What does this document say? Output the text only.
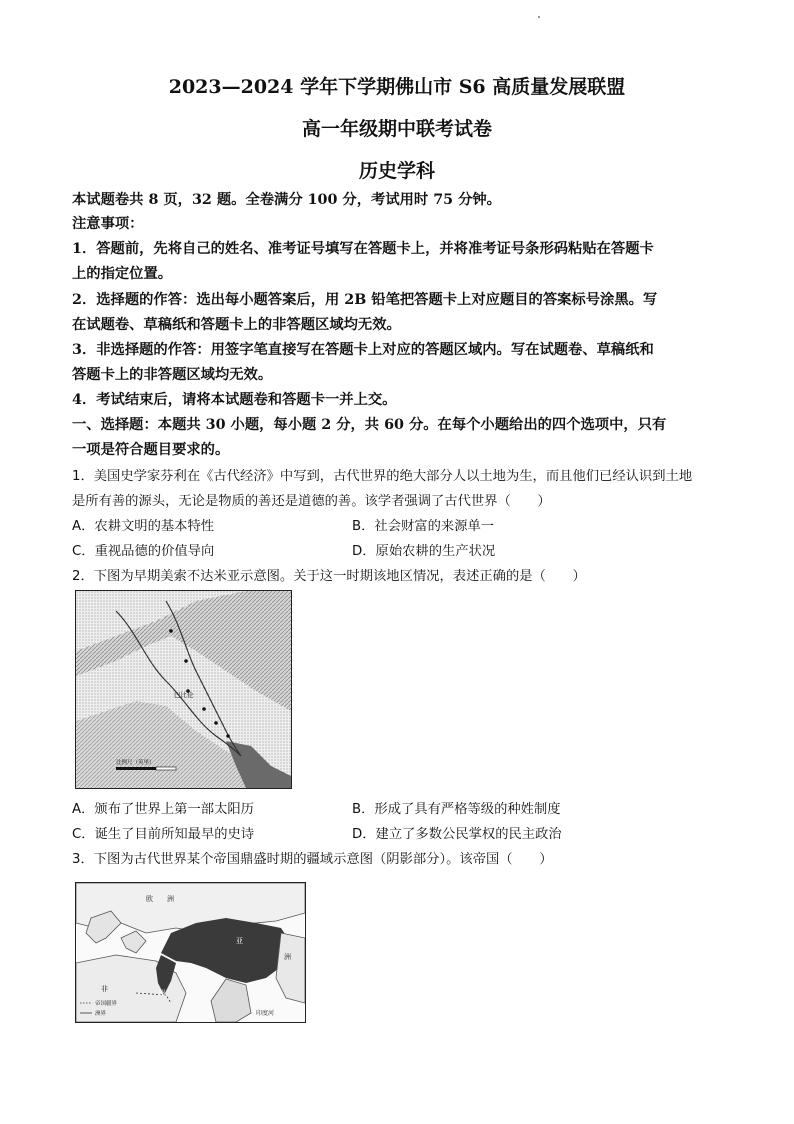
2023—2024 学年下学期佛山市 S6 高质量发展联盟
高一年级期中联考试卷
历史学科
本试题卷共 8 页，32 题。全卷满分 100 分，考试用时 75 分钟。
注意事项：
1．答题前，先将自己的姓名、准考证号填写在答题卡上，并将准考证号条形码粘贴在答题卡
上的指定位置。
2．选择题的作答：选出每小题答案后，用 2B 铅笔把答题卡上对应题目的答案标号涂黑。写
在试题卷、草稿纸和答题卡上的非答题区域均无效。
3．非选择题的作答：用签字笔直接写在答题卡上对应的答题区域内。写在试题卷、草稿纸和
答题卡上的非答题区域均无效。
4．考试结束后，请将本试题卷和答题卡一并上交。
一、选择题：本题共 30 小题，每小题 2 分，共 60 分。在每个小题给出的四个选项中，只有
一项是符合题目要求的。
1．美国史学家芬利在《古代经济》中写到，古代世界的绝大部分人以土地为生，而且他们已经认识到土地
是所有善的源头，无论是物质的善还是道德的善。该学者强调了古代世界（　　）
A．农耕文明的基本特性	B．社会财富的来源单一
C．重视品德的价值导向	D．原始农耕的生产状况
2．下图为早期美索不达米亚示意图。关于这一时期该地区情况，表述正确的是（　　）
巴比伦
比例尺（英里）
A．颁布了世界上第一部太阳历	B．形成了具有严格等级的种姓制度
C．诞生了目前所知最早的史诗	D．建立了多数公民掌权的民主政治
3．下图为古代世界某个帝国鼎盛时期的疆域示意图（阴影部分）。该帝国（　　）
欧　　洲
亚
洲
非	洲
印度河
帝国疆界
洲界
